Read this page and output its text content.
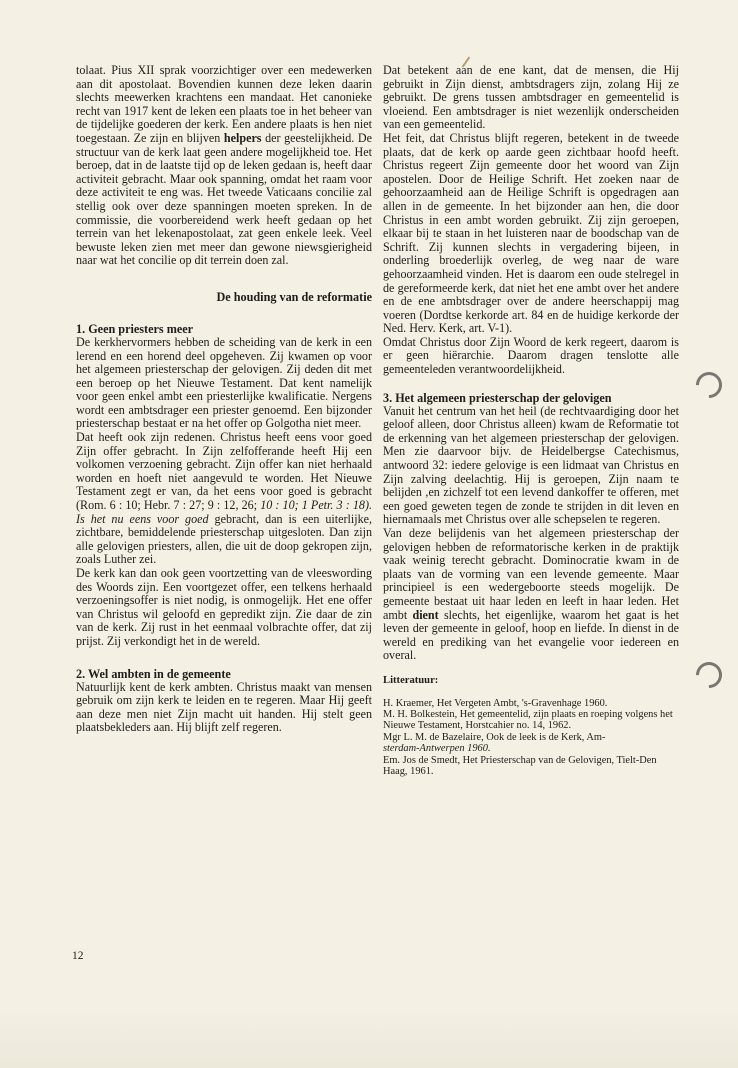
tolaat. Pius XII sprak voorzichtiger over een medewerken aan dit apostolaat. Bovendien kunnen deze leken daarin slechts meewerken krachtens een mandaat. Het canonieke recht van 1917 kent de leken een plaats toe in het beheer van de tijdelijke goederen der kerk. Een andere plaats is hen niet toegestaan. Ze zijn en blijven helpers der geestelijkheid. De structuur van de kerk laat geen andere mogelijkheid toe. Het beroep, dat in de laatste tijd op de leken gedaan is, heeft daar activiteit gebracht. Maar ook spanning, omdat het raam voor deze activiteit te eng was. Het tweede Vaticaans concilie zal stellig ook over deze spanningen moeten spreken. In de commissie, die voorbereidend werk heeft gedaan op het terrein van het lekenapostolaat, zat geen enkele leek. Veel bewuste leken zien met meer dan gewone niewsgierigheid naar wat het concilie op dit terrein doen zal.

De houding van de reformatie

1. Geen priesters meer

De kerkhervormers hebben de scheiding van de kerk in een lerend en een horend deel opgeheven. Zij kwamen op voor het algemeen priesterschap der gelovigen. Zij deden dit met een beroep op het Nieuwe Testament. Dat kent namelijk voor geen enkel ambt een priesterlijke kwalificatie. Nergens wordt een ambtsdrager een priester genoemd. Een bijzonder priesterschap bestaat er na het offer op Golgotha niet meer.

Dat heeft ook zijn redenen. Christus heeft eens voor goed Zijn offer gebracht. In Zijn zelfofferande heeft Hij een volkomen verzoening gebracht. Zijn offer kan niet herhaald worden en hoeft niet aangevuld te worden. Het Nieuwe Testament zegt er van, da het eens voor goed is gebracht (Rom. 6 : 10; Hebr. 7 : 27; 9 : 12, 26; 10 : 10; 1 Petr. 3 : 18). Is het nu eens voor goed gebracht, dan is een uiterlijke, zichtbare, bemiddelende priesterschap uitgesloten. Dan zijn alle gelovigen priesters, allen, die uit de doop gekropen zijn, zoals Luther zei.

De kerk kan dan ook geen voortzetting van de vleeswording des Woords zijn. Een voortgezet offer, een telkens herhaald verzoeningsoffer is niet nodig, is onmogelijk. Het ene offer van Christus wil geloofd en gepredikt zijn. Zie daar de zin van de kerk. Zij rust in het eenmaal volbrachte offer, dat zij prijst. Zij verkondigt het in de wereld.

2. Wel ambten in de gemeente

Natuurlijk kent de kerk ambten. Christus maakt van mensen gebruik om zijn kerk te leiden en te regeren. Maar Hij geeft aan deze men niet Zijn macht uit handen. Hij stelt geen plaatsbekleders aan. Hij blijft zelf regeren.

Dat betekent aan de ene kant, dat de mensen, die Hij gebruikt in Zijn dienst, ambtsdragers zijn, zolang Hij ze gebruikt. De grens tussen ambtsdrager en gemeentelid is vloeiend. Een ambtsdrager is niet wezenlijk onderscheiden van een gemeentelid.

Het feit, dat Christus blijft regeren, betekent in de tweede plaats, dat de kerk op aarde geen zichtbaar hoofd heeft. Christus regeert Zijn gemeente door het woord van Zijn apostelen. Door de Heilige Schrift. Het zoeken naar de gehoorzaamheid aan de Heilige Schrift is opgedragen aan allen in de gemeente. In het bijzonder aan hen, die door Christus in een ambt worden gebruikt. Zij zijn geroepen, elkaar bij te staan in het luisteren naar de boodschap van de Schrift. Zij kunnen slechts in vergadering bijeen, in onderling broederlijk overleg, de weg naar de ware gehoorzaamheid vinden. Het is daarom een oude stelregel in de gereformeerde kerk, dat niet het ene ambt over het andere en de ene ambtsdrager over de andere heerschappij mag voeren (Dordtse kerkorde art. 84 en de huidige kerkorde der Ned. Herv. Kerk, art. V-1).

Omdat Christus door Zijn Woord de kerk regeert, daarom is er geen hiërarchie. Daarom dragen tenslotte alle gemeenteleden verantwoordelijkheid.

3. Het algemeen priesterschap der gelovigen

Vanuit het centrum van het heil (de rechtvaardiging door het geloof alleen, door Christus alleen) kwam de Reformatie tot de erkenning van het algemeen priesterschap der gelovigen. Men zie daarvoor bijv. de Heidelbergse Catechismus, antwoord 32: iedere gelovige is een lidmaat van Christus en Zijn zalving deelachtig. Hij is geroepen, Zijn naam te belijden ,en zichzelf tot een levend dankoffer te offeren, met een goed geweten tegen de zonde te strijden in dit leven en hiernamaals met Christus over alle schepselen te regeren.

Van deze belijdenis van het algemeen priesterschap der gelovigen hebben de reformatorische kerken in de praktijk vaak weinig terecht gebracht. Dominocratie kwam in de plaats van de vorming van een levende gemeente. Maar principieel is een wedergeboorte steeds mogelijk. De gemeente bestaat uit haar leden en leeft in haar leden. Het ambt dient slechts, het eigenlijke, waarom het gaat is het leven der gemeente in geloof, hoop en liefde. In dienst in de wereld en prediking van het evangelie voor iedereen en overal.

Litteratuur:

H. Kraemer, Het Vergeten Ambt, 's-Gravenhage 1960.

M. H. Bolkestein, Het gemeentelid, zijn plaats en roeping volgens het Nieuwe Testament, Horstcahier no. 14, 1962.

Mgr L. M. de Bazelaire, Ook de leek is de Kerk, Am-
sterdam-Antwerpen 1960.

Em. Jos de Smedt, Het Priesterschap van de Gelovigen, Tielt-Den Haag, 1961.

12
